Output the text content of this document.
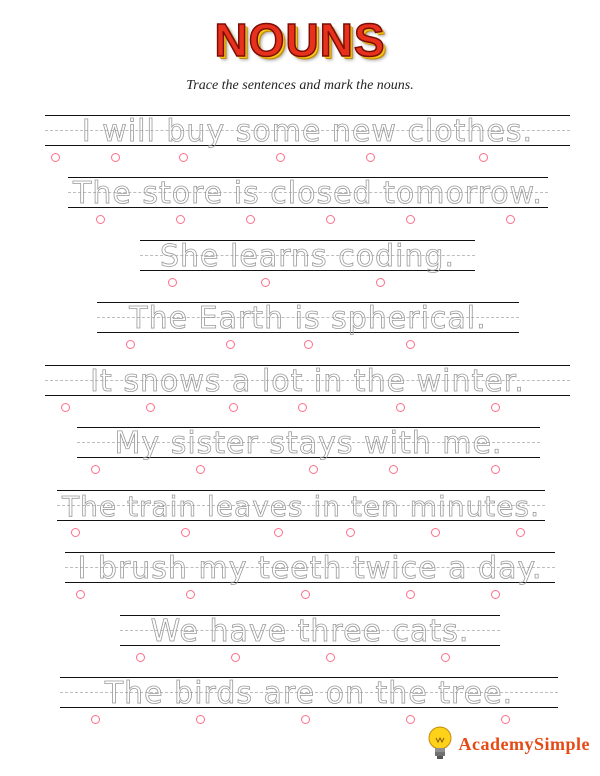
NOUNS
Trace the sentences and mark the nouns.
I will buy some new clothes.
The store is closed tomorrow.
She learns coding.
The Earth is spherical.
It snows a lot in the winter.
My sister stays with me.
The train leaves in ten minutes.
I brush my teeth twice a day.
We have three cats.
The birds are on the tree.
AcademySimple
